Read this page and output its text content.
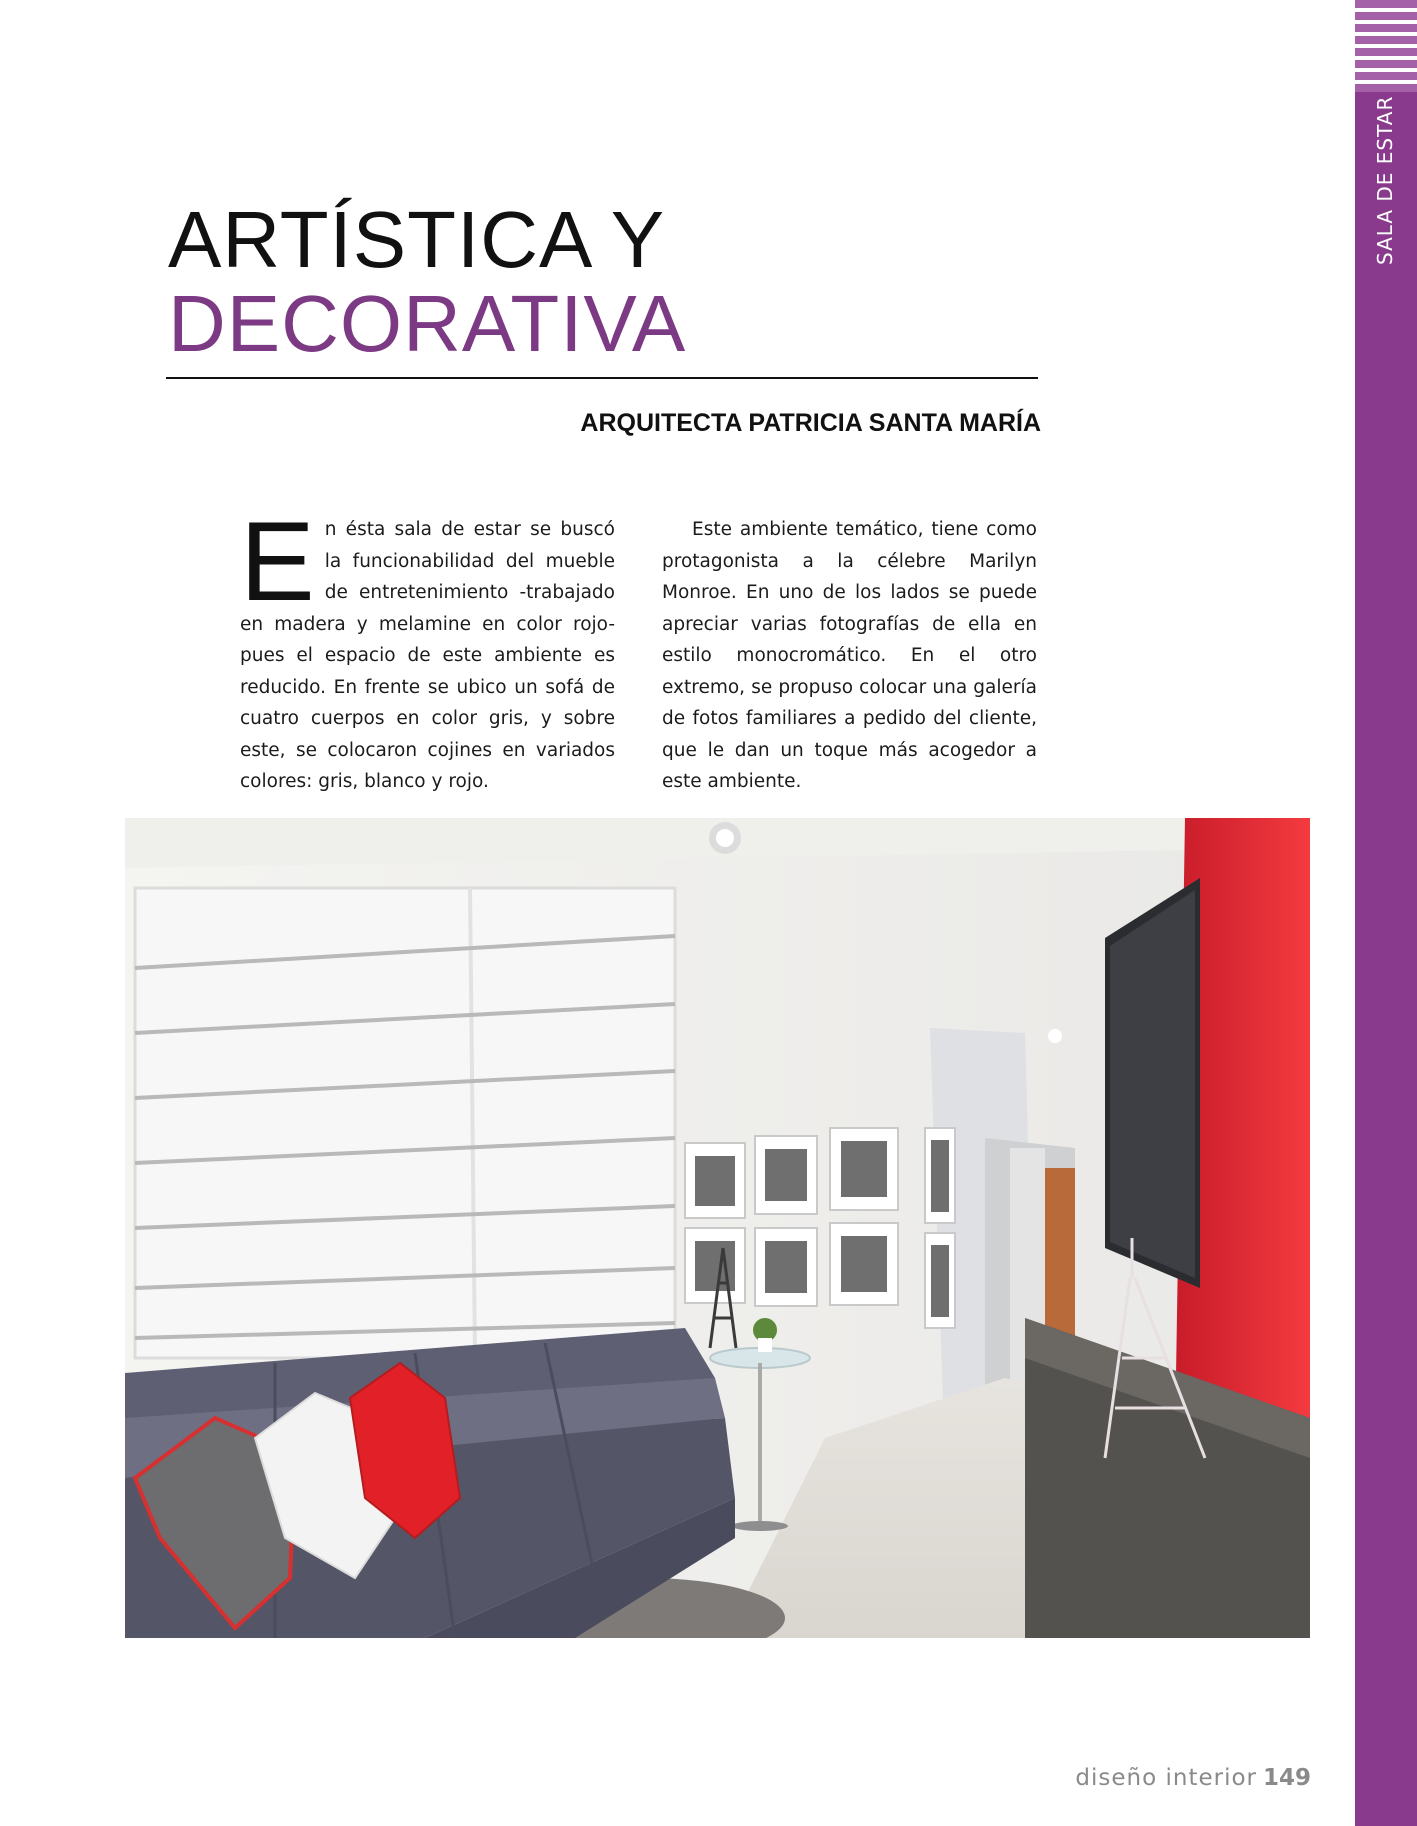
SALA DE ESTAR
ARTÍSTICA Y
DECORATIVA
ARQUITECTA PATRICIA SANTA MARÍA
E n ésta sala de estar se buscó la funcionabilidad del mueble de entretenimiento -trabajado en madera y melamine en color rojo- pues el espacio de este ambiente es reducido. En frente se ubico un sofá de cuatro cuerpos en color gris, y sobre este, se colocaron cojines en variados colores: gris, blanco y rojo.
Este ambiente temático, tiene como protagonista a la célebre Marilyn Monroe. En uno de los lados se puede apreciar varias fotografías de ella en estilo monocromático. En el otro extremo, se propuso colocar una galería de fotos familiares a pedido del cliente, que le dan un toque más acogedor a este ambiente.
diseño interior 149
